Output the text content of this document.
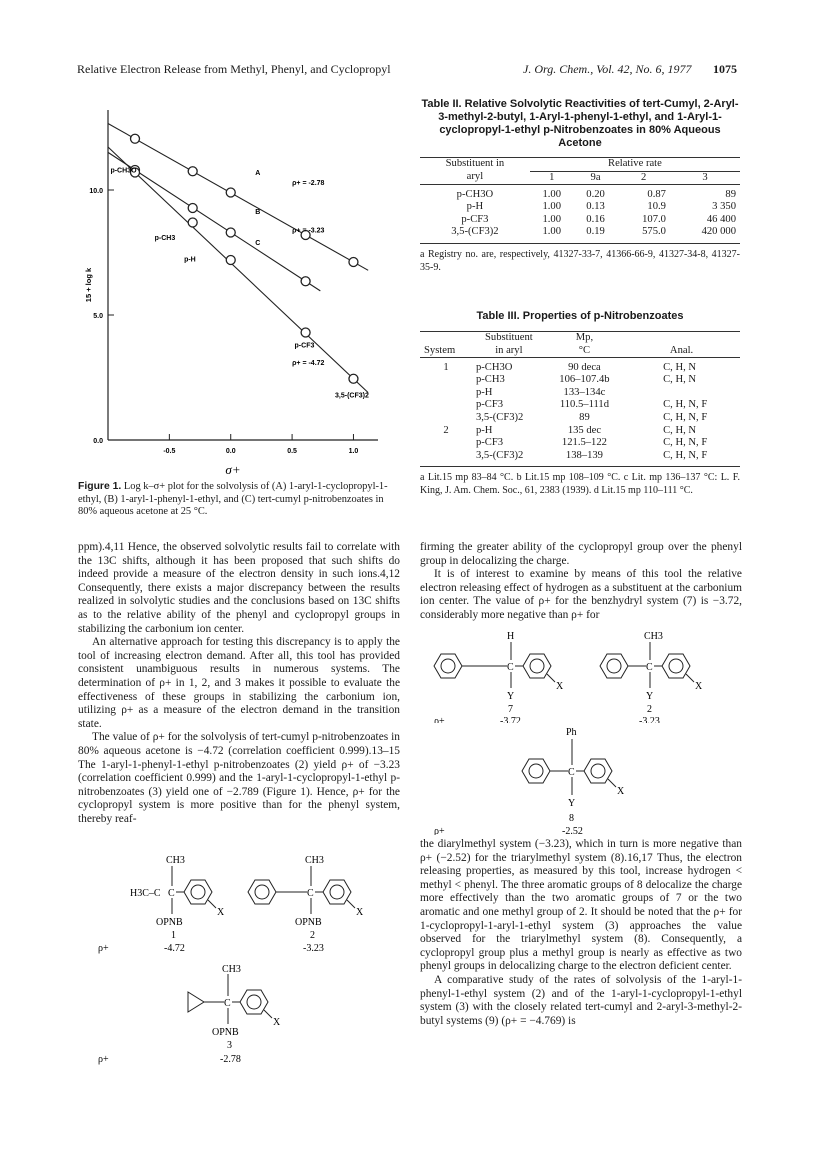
Relative Electron Release from Methyl, Phenyl, and Cyclopropyl	J. Org. Chem., Vol. 42, No. 6, 1977 1075
0.0
5.0
10.0
-0.5	0.0	0.5	1.0
15 + log k
σ+
p-CH3O
p-CH3
p-H
p-CF3
3,5-(CF3)2
A
B
C
ρ+ = -2.78
ρ+ = -3.23
ρ+ = -4.72
Figure 1. Log k–σ+ plot for the solvolysis of (A) 1-aryl-1-cyclopropyl-1-ethyl, (B) 1-aryl-1-phenyl-1-ethyl, and (C) tert-cumyl p-nitrobenzoates in 80% aqueous acetone at 25 °C.
Table II. Relative Solvolytic Reactivities of tert-Cumyl, 2-Aryl-3-methyl-2-butyl, 1-Aryl-1-phenyl-1-ethyl, and 1-Aryl-1-cyclopropyl-1-ethyl p-Nitrobenzoates in 80% Aqueous Acetone
Substituent in	Relative rate			
aryl	1	9a	2	3

p-CH3O	1.00	0.20	0.87	89
p-H	1.00	0.13	10.9	3 350
p-CF3	1.00	0.16	107.0	46 400
3,5-(CF3)2	1.00	0.19	575.0	420 000
a Registry no. are, respectively, 41327-33-7, 41366-66-9, 41327-34-8, 41327-35-9.
Table III. Properties of p-Nitrobenzoates
	Substituent	Mp,	
System	in aryl	°C	Anal.

1	p-CH3O	90 deca	C, H, N
	p-CH3	106–107.4b	C, H, N
	p-H	133–134c	
	p-CF3	110.5–111d	C, H, N, F
	3,5-(CF3)2	89	C, H, N, F
2	p-H	135 dec	C, H, N
	p-CF3	121.5–122	C, H, N, F
	3,5-(CF3)2	138–139	C, H, N, F
a Lit.15 mp 83–84 °C. b Lit.15 mp 108–109 °C. c Lit. mp 136–137 °C: L. F. King, J. Am. Chem. Soc., 61, 2383 (1939). d Lit.15 mp 110–111 °C.

ppm).4,11 Hence, the observed solvolytic results fail to correlate with the 13C shifts, although it has been proposed that such shifts do indeed provide a measure of the electron density in such ions.4,12 Consequently, there exists a major discrepancy between the results realized in solvolytic studies and the conclusions based on 13C shifts as to the relative ability of the phenyl and cyclopropyl groups in stabilizing the carbonium ion center.

An alternative approach for testing this discrepancy is to apply the tool of increasing electron demand. After all, this tool has provided consistent unambiguous results in numerous systems. The determination of ρ+ in 1, 2, and 3 makes it possible to evaluate the effectiveness of these groups in stabilizing the carbonium ion, utilizing ρ+ as a measure of the electron demand in the transition state.

The value of ρ+ for the solvolysis of tert-cumyl p-nitrobenzoates in 80% aqueous acetone is −4.72 (correlation coefficient 0.999).13–15 The 1-aryl-1-phenyl-1-ethyl p-nitrobenzoates (2) yield ρ+ of −3.23 (correlation coefficient 0.999) and the 1-aryl-1-cyclopropyl-1-ethyl p-nitrobenzoates (3) yield one of −2.789 (Figure 1). Hence, ρ+ for the cyclopropyl system is more positive than for the phenyl system, thereby reaf-

CH3
H3C–C
X
OPNB
1
ρ+	-4.72
CH3
C
C
X
OPNB
2
-3.23
CH3
C
X
OPNB
3
ρ+	-2.78

firming the greater ability of the cyclopropyl group over the phenyl group in delocalizing the charge.

It is of interest to examine by means of this tool the relative electron releasing effect of hydrogen as a substituent at the carbonium ion center. The value of ρ+ for the benzhydryl system (7) is −3.72, considerably more negative than ρ+ for

H
C
X
Y
7
ρ+	-3.72
CH3
C
X
Y
2
-3.23
Ph
C
X
Y
8
ρ+	-2.52

the diarylmethyl system (−3.23), which in turn is more negative than ρ+ (−2.52) for the triarylmethyl system (8).16,17 Thus, the electron releasing properties, as measured by this tool, increase hydrogen < methyl < phenyl. The three aromatic groups of 8 delocalize the charge more effectively than the two aromatic groups of 7 or the two aromatic and one methyl group of 2. It should be noted that the ρ+ for 1-cyclopropyl-1-aryl-1-ethyl system (3) approaches the value observed for the triarylmethyl system (8). Consequently, a cyclopropyl group plus a methyl group is nearly as effective as two phenyl groups in delocalizing charge to the electron deficient center.

A comparative study of the rates of solvolysis of the 1-aryl-1-phenyl-1-ethyl system (2) and of the 1-aryl-1-cyclopropyl-1-ethyl system (3) with the closely related tert-cumyl and 2-aryl-3-methyl-2-butyl systems (9) (ρ+ = −4.769) is
